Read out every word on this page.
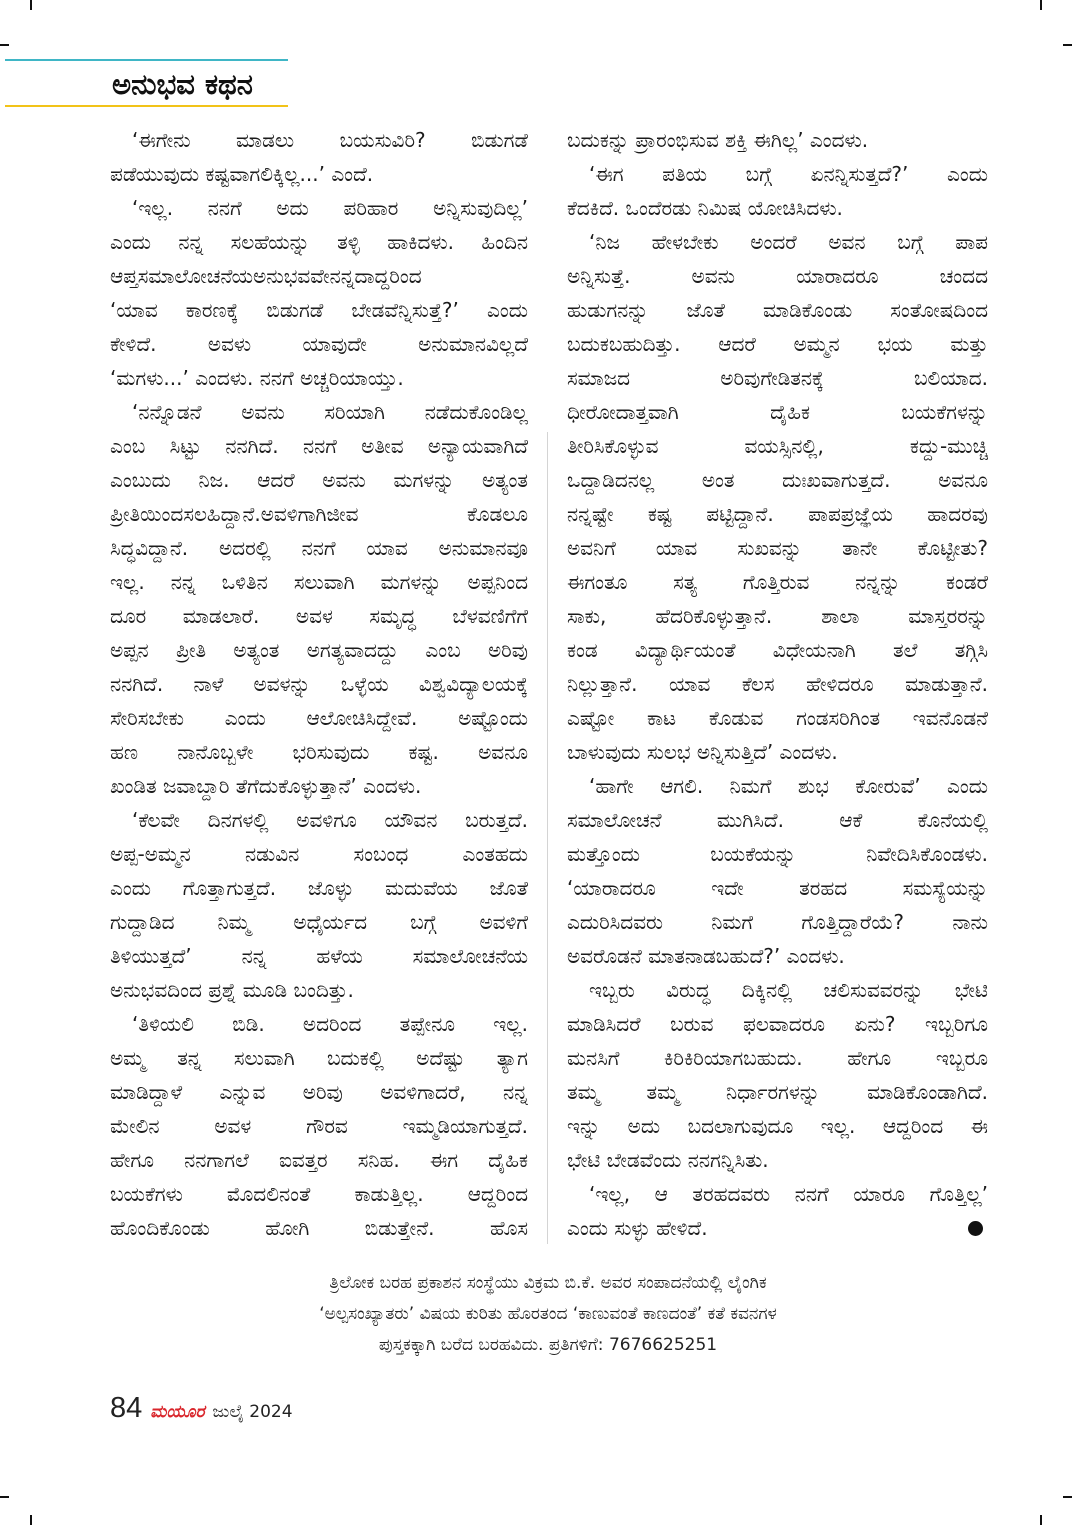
ಅನುಭವ ಕಥನ
‘ಈಗೇನು ಮಾಡಲು ಬಯಸುವಿರಿ? ಬಿಡುಗಡೆ
ಪಡೆಯುವುದು ಕಷ್ಟವಾಗಲಿಕ್ಕಿಲ್ಲ...’ ಎಂದೆ.
‘ಇಲ್ಲ. ನನಗೆ ಅದು ಪರಿಹಾರ ಅನ್ನಿಸುವುದಿಲ್ಲ’
ಎಂದು ನನ್ನ ಸಲಹೆಯನ್ನು ತಳ್ಳಿ ಹಾಕಿದಳು. ಹಿಂದಿನ
ಆಪ್ತಸಮಾಲೋಚನೆಯಅನುಭವವೇನನ್ನದಾದ್ದರಿಂದ
‘ಯಾವ ಕಾರಣಕ್ಕೆ ಬಿಡುಗಡೆ ಬೇಡವೆನ್ನಿಸುತ್ತೆ?’ ಎಂದು
ಕೇಳಿದೆ. ಅವಳು ಯಾವುದೇ ಅನುಮಾನವಿಲ್ಲದೆ
‘ಮಗಳು...’ ಎಂದಳು. ನನಗೆ ಅಚ್ಚರಿಯಾಯ್ತು.
‘ನನ್ನೊಡನೆ ಅವನು ಸರಿಯಾಗಿ ನಡೆದುಕೊಂಡಿಲ್ಲ
ಎಂಬ ಸಿಟ್ಟು ನನಗಿದೆ. ನನಗೆ ಅತೀವ ಅನ್ಯಾಯವಾಗಿದೆ
ಎಂಬುದು ನಿಜ. ಆದರೆ ಅವನು ಮಗಳನ್ನು ಅತ್ಯಂತ
ಪ್ರೀತಿಯಿಂದಸಲಹಿದ್ದಾನೆ.ಅವಳಿಗಾಗಿಜೀವ ಕೊಡಲೂ
ಸಿದ್ಧವಿದ್ದಾನೆ. ಅದರಲ್ಲಿ ನನಗೆ ಯಾವ ಅನುಮಾನವೂ
ಇಲ್ಲ. ನನ್ನ ಒಳಿತಿನ ಸಲುವಾಗಿ ಮಗಳನ್ನು ಅಪ್ಪನಿಂದ
ದೂರ ಮಾಡಲಾರೆ. ಅವಳ ಸಮೃದ್ಧ ಬೆಳವಣಿಗೆಗೆ
ಅಪ್ಪನ ಪ್ರೀತಿ ಅತ್ಯಂತ ಅಗತ್ಯವಾದದ್ದು ಎಂಬ ಅರಿವು
ನನಗಿದೆ. ನಾಳೆ ಅವಳನ್ನು ಒಳ್ಳೆಯ ವಿಶ್ವವಿದ್ಯಾಲಯಕ್ಕೆ
ಸೇರಿಸಬೇಕು ಎಂದು ಆಲೋಚಿಸಿದ್ದೇವೆ. ಅಷ್ಟೊಂದು
ಹಣ ನಾನೊಬ್ಬಳೇ ಭರಿಸುವುದು ಕಷ್ಟ. ಅವನೂ
ಖಂಡಿತ ಜವಾಬ್ದಾರಿ ತೆಗೆದುಕೊಳ್ಳುತ್ತಾನೆ’ ಎಂದಳು.
‘ಕೆಲವೇ ದಿನಗಳಲ್ಲಿ ಅವಳಿಗೂ ಯೌವನ ಬರುತ್ತದೆ.
ಅಪ್ಪ-ಅಮ್ಮನ ನಡುವಿನ ಸಂಬಂಧ ಎಂತಹದು
ಎಂದು ಗೊತ್ತಾಗುತ್ತದೆ. ಜೊಳ್ಳು ಮದುವೆಯ ಜೊತೆ
ಗುದ್ದಾಡಿದ ನಿಮ್ಮ ಅಧೈರ್ಯದ ಬಗ್ಗೆ ಅವಳಿಗೆ
ತಿಳಿಯುತ್ತದೆ’ ನನ್ನ ಹಳೆಯ ಸಮಾಲೋಚನೆಯ
ಅನುಭವದಿಂದ ಪ್ರಶ್ನೆ ಮೂಡಿ ಬಂದಿತ್ತು.
‘ತಿಳಿಯಲಿ ಬಿಡಿ. ಅದರಿಂದ ತಪ್ಪೇನೂ ಇಲ್ಲ.
ಅಮ್ಮ ತನ್ನ ಸಲುವಾಗಿ ಬದುಕಲ್ಲಿ ಅದೆಷ್ಟು ತ್ಯಾಗ
ಮಾಡಿದ್ದಾಳೆ ಎನ್ನುವ ಅರಿವು ಅವಳಿಗಾದರೆ, ನನ್ನ
ಮೇಲಿನ ಅವಳ ಗೌರವ ಇಮ್ಮಡಿಯಾಗುತ್ತದೆ.
ಹೇಗೂ ನನಗಾಗಲೆ ಐವತ್ತರ ಸನಿಹ. ಈಗ ದೈಹಿಕ
ಬಯಕೆಗಳು ಮೊದಲಿನಂತೆ ಕಾಡುತ್ತಿಲ್ಲ. ಆದ್ದರಿಂದ
ಹೊಂದಿಕೊಂಡು ಹೋಗಿ ಬಿಡುತ್ತೇನೆ. ಹೊಸ
ಬದುಕನ್ನು ಪ್ರಾರಂಭಿಸುವ ಶಕ್ತಿ ಈಗಿಲ್ಲ’ ಎಂದಳು.
‘ಈಗ ಪತಿಯ ಬಗ್ಗೆ ಏನನ್ನಿಸುತ್ತದೆ?’ ಎಂದು
ಕೆದಕಿದೆ. ಒಂದೆರಡು ನಿಮಿಷ ಯೋಚಿಸಿದಳು.
‘ನಿಜ ಹೇಳಬೇಕು ಅಂದರೆ ಅವನ ಬಗ್ಗೆ ಪಾಪ
ಅನ್ನಿಸುತ್ತೆ. ಅವನು ಯಾರಾದರೂ ಚಂದದ
ಹುಡುಗನನ್ನು ಜೊತೆ ಮಾಡಿಕೊಂಡು ಸಂತೋಷದಿಂದ
ಬದುಕಬಹುದಿತ್ತು. ಆದರೆ ಅಮ್ಮನ ಭಯ ಮತ್ತು
ಸಮಾಜದ ಅರಿವುಗೇಡಿತನಕ್ಕೆ ಬಲಿಯಾದ.
ಧೀರೋದಾತ್ತವಾಗಿ ದೈಹಿಕ ಬಯಕೆಗಳನ್ನು
ತೀರಿಸಿಕೊಳ್ಳುವ ವಯಸ್ಸಿನಲ್ಲಿ, ಕದ್ದು-ಮುಚ್ಚಿ
ಒದ್ದಾಡಿದನಲ್ಲ ಅಂತ ದುಃಖವಾಗುತ್ತದೆ. ಅವನೂ
ನನ್ನಷ್ಟೇ ಕಷ್ಟ ಪಟ್ಟಿದ್ದಾನೆ. ಪಾಪಪ್ರಜ್ಞೆಯ ಹಾದರವು
ಅವನಿಗೆ ಯಾವ ಸುಖವನ್ನು ತಾನೇ ಕೊಟ್ಟೀತು?
ಈಗಂತೂ ಸತ್ಯ ಗೊತ್ತಿರುವ ನನ್ನನ್ನು ಕಂಡರೆ
ಸಾಕು, ಹೆದರಿಕೊಳ್ಳುತ್ತಾನೆ. ಶಾಲಾ ಮಾಸ್ತರರನ್ನು
ಕಂಡ ವಿದ್ಯಾರ್ಥಿಯಂತೆ ವಿಧೇಯನಾಗಿ ತಲೆ ತಗ್ಗಿಸಿ
ನಿಲ್ಲುತ್ತಾನೆ. ಯಾವ ಕೆಲಸ ಹೇಳಿದರೂ ಮಾಡುತ್ತಾನೆ.
ಎಷ್ಟೋ ಕಾಟ ಕೊಡುವ ಗಂಡಸರಿಗಿಂತ ಇವನೊಡನೆ
ಬಾಳುವುದು ಸುಲಭ ಅನ್ನಿಸುತ್ತಿದೆ’ ಎಂದಳು.
‘ಹಾಗೇ ಆಗಲಿ. ನಿಮಗೆ ಶುಭ ಕೋರುವೆ’ ಎಂದು
ಸಮಾಲೋಚನೆ ಮುಗಿಸಿದೆ. ಆಕೆ ಕೊನೆಯಲ್ಲಿ
ಮತ್ತೊಂದು ಬಯಕೆಯನ್ನು ನಿವೇದಿಸಿಕೊಂಡಳು.
‘ಯಾರಾದರೂ ಇದೇ ತರಹದ ಸಮಸ್ಯೆಯನ್ನು
ಎದುರಿಸಿದವರು ನಿಮಗೆ ಗೊತ್ತಿದ್ದಾರೆಯೆ? ನಾನು
ಅವರೊಡನೆ ಮಾತನಾಡಬಹುದೆ?’ ಎಂದಳು.
ಇಬ್ಬರು ವಿರುದ್ಧ ದಿಕ್ಕಿನಲ್ಲಿ ಚಲಿಸುವವರನ್ನು ಭೇಟಿ
ಮಾಡಿಸಿದರೆ ಬರುವ ಫಲವಾದರೂ ಏನು? ಇಬ್ಬರಿಗೂ
ಮನಸಿಗೆ ಕಿರಿಕಿರಿಯಾಗಬಹುದು. ಹೇಗೂ ಇಬ್ಬರೂ
ತಮ್ಮ ತಮ್ಮ ನಿರ್ಧಾರಗಳನ್ನು ಮಾಡಿಕೊಂಡಾಗಿದೆ.
ಇನ್ನು ಅದು ಬದಲಾಗುವುದೂ ಇಲ್ಲ. ಆದ್ದರಿಂದ ಈ
ಭೇಟಿ ಬೇಡವೆಂದು ನನಗನ್ನಿಸಿತು.
‘ಇಲ್ಲ, ಆ ತರಹದವರು ನನಗೆ ಯಾರೂ ಗೊತ್ತಿಲ್ಲ’
ಎಂದು ಸುಳ್ಳು ಹೇಳಿದೆ.
ತ್ರಿಲೋಕ ಬರಹ ಪ್ರಕಾಶನ ಸಂಸ್ಥೆಯು ವಿಕ್ರಮ ಬಿ.ಕೆ. ಅವರ ಸಂಪಾದನೆಯಲ್ಲಿ ಲೈಂಗಿಕ
‘ಅಲ್ಪಸಂಖ್ಯಾತರು’ ವಿಷಯ ಕುರಿತು ಹೊರತಂದ ‘ಕಾಣುವಂತೆ ಕಾಣದಂತೆ’ ಕತೆ ಕವನಗಳ
ಪುಸ್ತಕಕ್ಕಾಗಿ ಬರೆದ ಬರಹವಿದು. ಪ್ರತಿಗಳಿಗೆ: 7676625251
84 ಮಯೂರ ಜುಲೈ 2024
